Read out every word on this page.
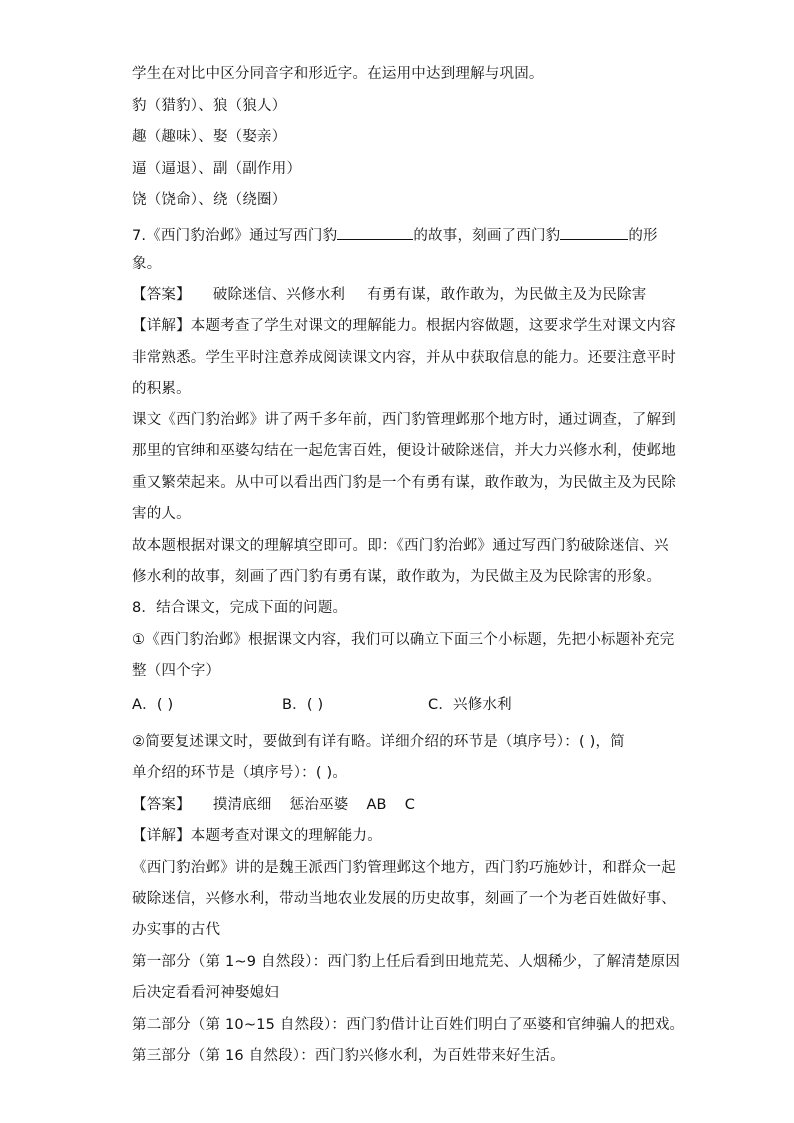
学生在对比中区分同音字和形近字。在运用中达到理解与巩固。
豹（猎豹）、狼（狼人）
趣（趣味）、娶（娶亲）
逼（逼退）、副（副作用）
饶（饶命）、绕（绕圈）
7.《西门豹治邺》通过写西门豹	的故事，刻画了西门豹	的形
象。
【答案】 破除迷信、兴修水利 有勇有谋，敢作敢为，为民做主及为民除害
【详解】本题考查了学生对课文的理解能力。根据内容做题，这要求学生对课文内容
非常熟悉。学生平时注意养成阅读课文内容，并从中获取信息的能力。还要注意平时
的积累。
课文《西门豹治邺》讲了两千多年前，西门豹管理邺那个地方时，通过调查，了解到
那里的官绅和巫婆勾结在一起危害百姓，便设计破除迷信，并大力兴修水利，使邺地
重又繁荣起来。从中可以看出西门豹是一个有勇有谋，敢作敢为，为民做主及为民除
害的人。
故本题根据对课文的理解填空即可。即：《西门豹治邺》通过写西门豹破除迷信、兴
修水利的故事，刻画了西门豹有勇有谋，敢作敢为，为民做主及为民除害的形象。
8．结合课文，完成下面的问题。
①《西门豹治邺》根据课文内容，我们可以确立下面三个小标题，先把小标题补充完
整（四个字）
A．( )	B．( )	C．兴修水利
②简要复述课文时，要做到有详有略。详细介绍的环节是（填序号）：( )，简
单介绍的环节是（填序号）：( )。
【答案】 摸清底细 惩治巫婆 AB C
【详解】本题考查对课文的理解能力。
《西门豹治邺》讲的是魏王派西门豹管理邺这个地方，西门豹巧施妙计，和群众一起
破除迷信，兴修水利，带动当地农业发展的历史故事，刻画了一个为老百姓做好事、
办实事的古代
第一部分（第 1~9 自然段）：西门豹上任后看到田地荒芜、人烟稀少，了解清楚原因
后决定看看河神娶媳妇
第二部分（第 10~15 自然段）：西门豹借计让百姓们明白了巫婆和官绅骗人的把戏。
第三部分（第 16 自然段）：西门豹兴修水利，为百姓带来好生活。
